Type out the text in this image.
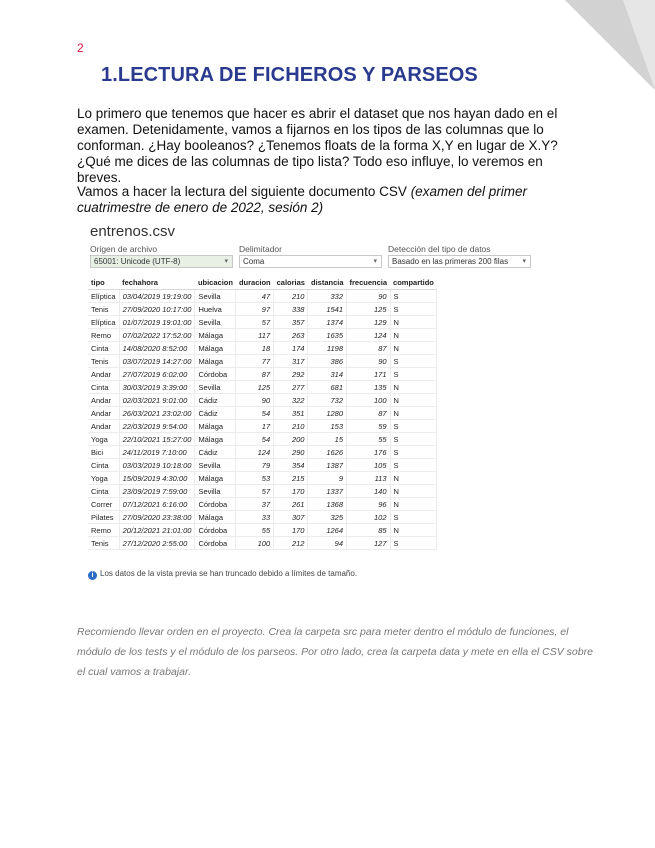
2
1.LECTURA DE FICHEROS Y PARSEOS
Lo primero que tenemos que hacer es abrir el dataset que nos hayan dado en el examen. Detenidamente, vamos a fijarnos en los tipos de las columnas que lo conforman. ¿Hay booleanos? ¿Tenemos floats de la forma X,Y en lugar de X.Y? ¿Qué me dices de las columnas de tipo lista? Todo eso influye, lo veremos en breves.
Vamos a hacer la lectura del siguiente documento CSV (examen del primer cuatrimestre de enero de 2022, sesión 2)
entrenos.csv
Origen de archivo
65001: Unicode (UTF-8)	▾
Delimitador
Coma	▾
Detección del tipo de datos
Basado en las primeras 200 filas ▾
tipo	fechahora	ubicacion	duracion	calorias	distancia	frecuencia	compartido
Elíptica	03/04/2019 19:19:00	Sevilla	47	210	332	90	S
Tenis	27/09/2020 10:17:00	Huelva	97	338	1541	125	S
Elíptica	01/07/2019 19:01:00	Sevilla	57	357	1374	129	N
Remo	07/02/2022 17:52:00	Málaga	117	263	1635	124	N
Cinta	14/08/2020 8:52:00	Málaga	18	174	1198	87	N
Tenis	03/07/2019 14:27:00	Málaga	77	317	386	90	S
Andar	27/07/2019 6:02:00	Córdoba	87	292	314	171	S
Cinta	30/03/2019 3:39:00	Sevilla	125	277	681	135	N
Andar	02/03/2021 9:01:00	Cádiz	90	322	732	100	N
Andar	26/03/2021 23:02:00	Cádiz	54	351	1280	87	N
Andar	22/03/2019 9:54:00	Málaga	17	210	153	59	S
Yoga	22/10/2021 15:27:00	Málaga	54	200	15	55	S
Bici	24/11/2019 7:10:00	Cádiz	124	290	1626	176	S
Cinta	03/03/2019 10:18:00	Sevilla	79	354	1387	105	S
Yoga	15/09/2019 4:30:00	Málaga	53	215	9	113	N
Cinta	23/09/2019 7:59:00	Sevilla	57	170	1337	140	N
Correr	07/12/2021 6:16:00	Córdoba	37	261	1368	96	N
Pilates	27/09/2020 23:38:00	Málaga	33	307	325	102	S
Remo	20/12/2021 21:01:00	Córdoba	55	170	1264	85	N
Tenis	27/12/2020 2:55:00	Córdoba	100	212	94	127	S
i Los datos de la vista previa se han truncado debido a límites de tamaño.
Recomiendo llevar orden en el proyecto. Crea la carpeta src para meter dentro el módulo de funciones, el módulo de los tests y el módulo de los parseos. Por otro lado, crea la carpeta data y mete en ella el CSV sobre el cual vamos a trabajar.
